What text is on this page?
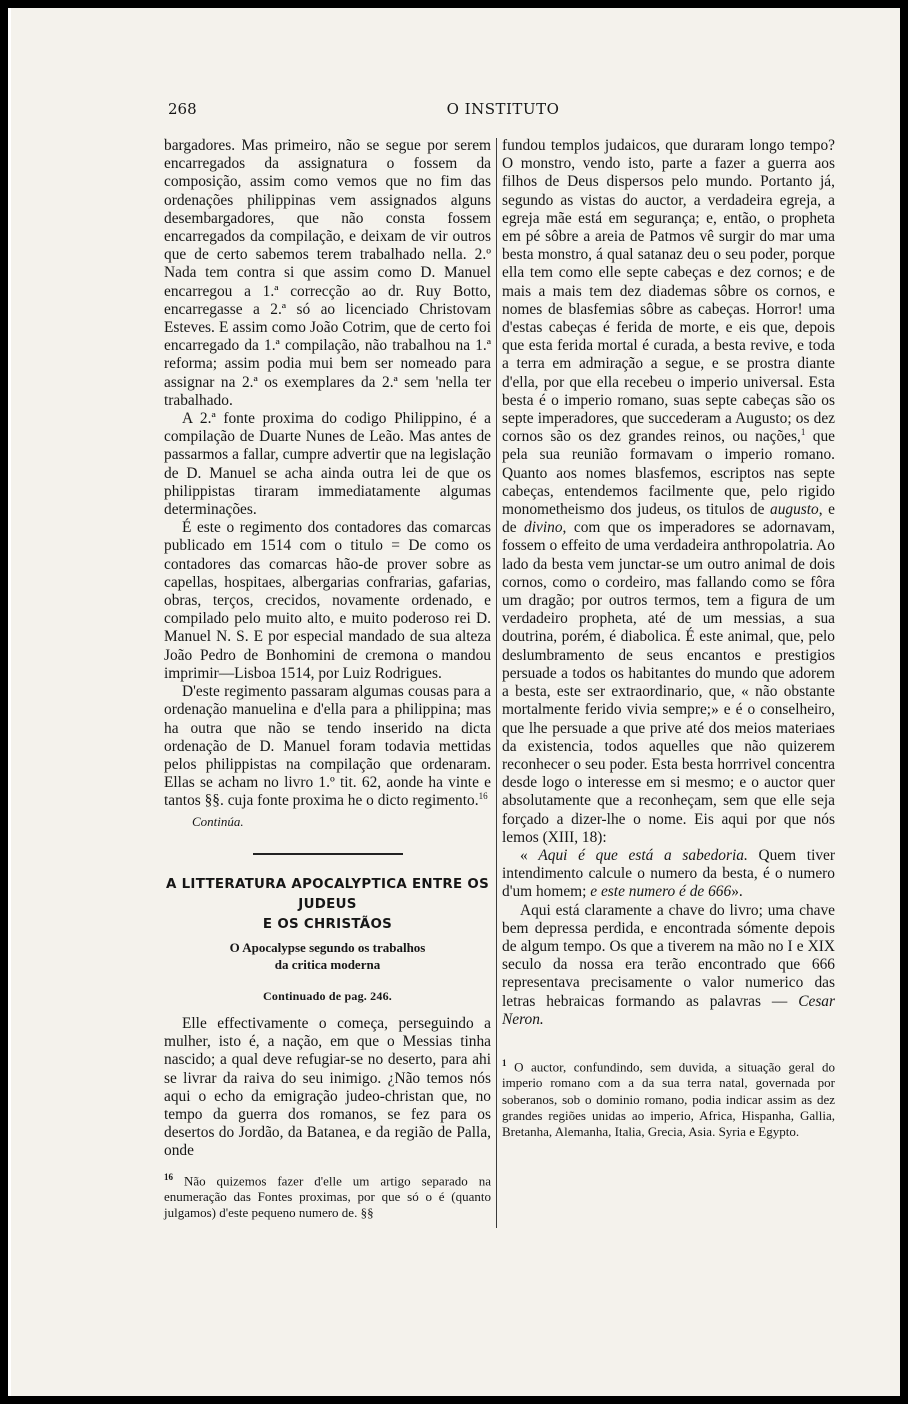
268	O INSTITUTO

bargadores. Mas primeiro, não se segue por serem encarregados da assignatura o fossem da composição, assim como vemos que no fim das ordenações philippinas vem assignados alguns desembargadores, que não consta fossem encarregados da compilação, e deixam de vir outros que de certo sabemos terem trabalhado nella. 2.º Nada tem contra si que assim como D. Manuel encarregou a 1.ª correcção ao dr. Ruy Botto, encarregasse a 2.ª só ao licenciado Christovam Esteves. E assim como João Cotrim, que de certo foi encarregado da 1.ª compilação, não trabalhou na 1.ª reforma; assim podia mui bem ser nomeado para assignar na 2.ª os exemplares da 2.ª sem 'nella ter trabalhado.

A 2.ª fonte proxima do codigo Philippino, é a compilação de Duarte Nunes de Leão. Mas antes de passarmos a fallar, cumpre advertir que na legislação de D. Manuel se acha ainda outra lei de que os philippistas tiraram immediatamente algumas determinações.

É este o regimento dos contadores das comarcas publicado em 1514 com o titulo = De como os contadores das comarcas hão-de prover sobre as capellas, hospitaes, albergarias confrarias, gafarias, obras, terços, crecidos, novamente ordenado, e compilado pelo muito alto, e muito poderoso rei D. Manuel N. S. E por especial mandado de sua alteza João Pedro de Bonhomini de cremona o mandou imprimir—Lisboa 1514, por Luiz Rodrigues.

D'este regimento passaram algumas cousas para a ordenação manuelina e d'ella para a philippina; mas ha outra que não se tendo inserido na dicta ordenação de D. Manuel foram todavia mettidas pelos philippistas na compilação que ordenaram. Ellas se acham no livro 1.º tit. 62, aonde ha vinte e tantos §§. cuja fonte proxima he o dicto regimento.$^{16}$

Continúa.
A LITTERATURA APOCALYPTICA ENTRE OS JUDEUS
E OS CHRISTÃOS
O Apocalypse segundo os trabalhos
da critica moderna
Continuado de pag. 246.

Elle effectivamente o começa, perseguindo a mulher, isto é, a nação, em que o Messias tinha nascido; a qual deve refugiar-se no deserto, para ahi se livrar da raiva do seu inimigo. ¿Não temos nós aqui o echo da emigração judeo-christan que, no tempo da guerra dos romanos, se fez para os desertos do Jordão, da Batanea, e da região de Palla, onde

$^{16}$ Não quizemos fazer d'elle um artigo separado na enumeração das Fontes proximas, por que só o é (quanto julgamos) d'este pequeno numero de. §§

fundou templos judaicos, que duraram longo tempo? O monstro, vendo isto, parte a fazer a guerra aos filhos de Deus dispersos pelo mundo. Portanto já, segundo as vistas do auctor, a verdadeira egreja, a egreja mãe está em segurança; e, então, o propheta em pé sôbre a areia de Patmos vê surgir do mar uma besta monstro, á qual satanaz deu o seu poder, porque ella tem como elle septe cabeças e dez cornos; e de mais a mais tem dez diademas sôbre os cornos, e nomes de blasfemias sôbre as cabeças. Horror! uma d'estas cabeças é ferida de morte, e eis que, depois que esta ferida mortal é curada, a besta revive, e toda a terra em admiração a segue, e se prostra diante d'ella, por que ella recebeu o imperio universal. Esta besta é o imperio romano, suas septe cabeças são os septe imperadores, que succederam a Augusto; os dez cornos são os dez grandes reinos, ou nações,$^1$ que pela sua reunião formavam o imperio romano. Quanto aos nomes blasfemos, escriptos nas septe cabeças, entendemos facilmente que, pelo rigido monometheismo dos judeus, os titulos de augusto, e de divino, com que os imperadores se adornavam, fossem o effeito de uma verdadeira anthropolatria. Ao lado da besta vem junctar-se um outro animal de dois cornos, como o cordeiro, mas fallando como se fôra um dragão; por outros termos, tem a figura de um verdadeiro propheta, até de um messias, a sua doutrina, porém, é diabolica. É este animal, que, pelo deslumbramento de seus encantos e prestigios persuade a todos os habitantes do mundo que adorem a besta, este ser extraordinario, que, « não obstante mortalmente ferido vivia sempre;» e é o conselheiro, que lhe persuade a que prive até dos meios materiaes da existencia, todos aquelles que não quizerem reconhecer o seu poder. Esta besta horrrivel concentra desde logo o interesse em si mesmo; e o auctor quer absolutamente que a reconheçam, sem que elle seja forçado a dizer-lhe o nome. Eis aqui por que nós lemos (XIII, 18):

« Aqui é que está a sabedoria. Quem tiver intendimento calcule o numero da besta, é o numero d'um homem; e este numero é de 666».

Aqui está claramente a chave do livro; uma chave bem depressa perdida, e encontrada sómente depois de algum tempo. Os que a tiverem na mão no I e XIX seculo da nossa era terão encontrado que 666 representava precisamente o valor numerico das letras hebraicas formando as palavras — Cesar Neron.

$^1$ O auctor, confundindo, sem duvida, a situação geral do imperio romano com a da sua terra natal, governada por soberanos, sob o dominio romano, podia indicar assim as dez grandes regiões unidas ao imperio, Africa, Hispanha, Gallia, Bretanha, Alemanha, Italia, Grecia, Asia. Syria e Egypto.
